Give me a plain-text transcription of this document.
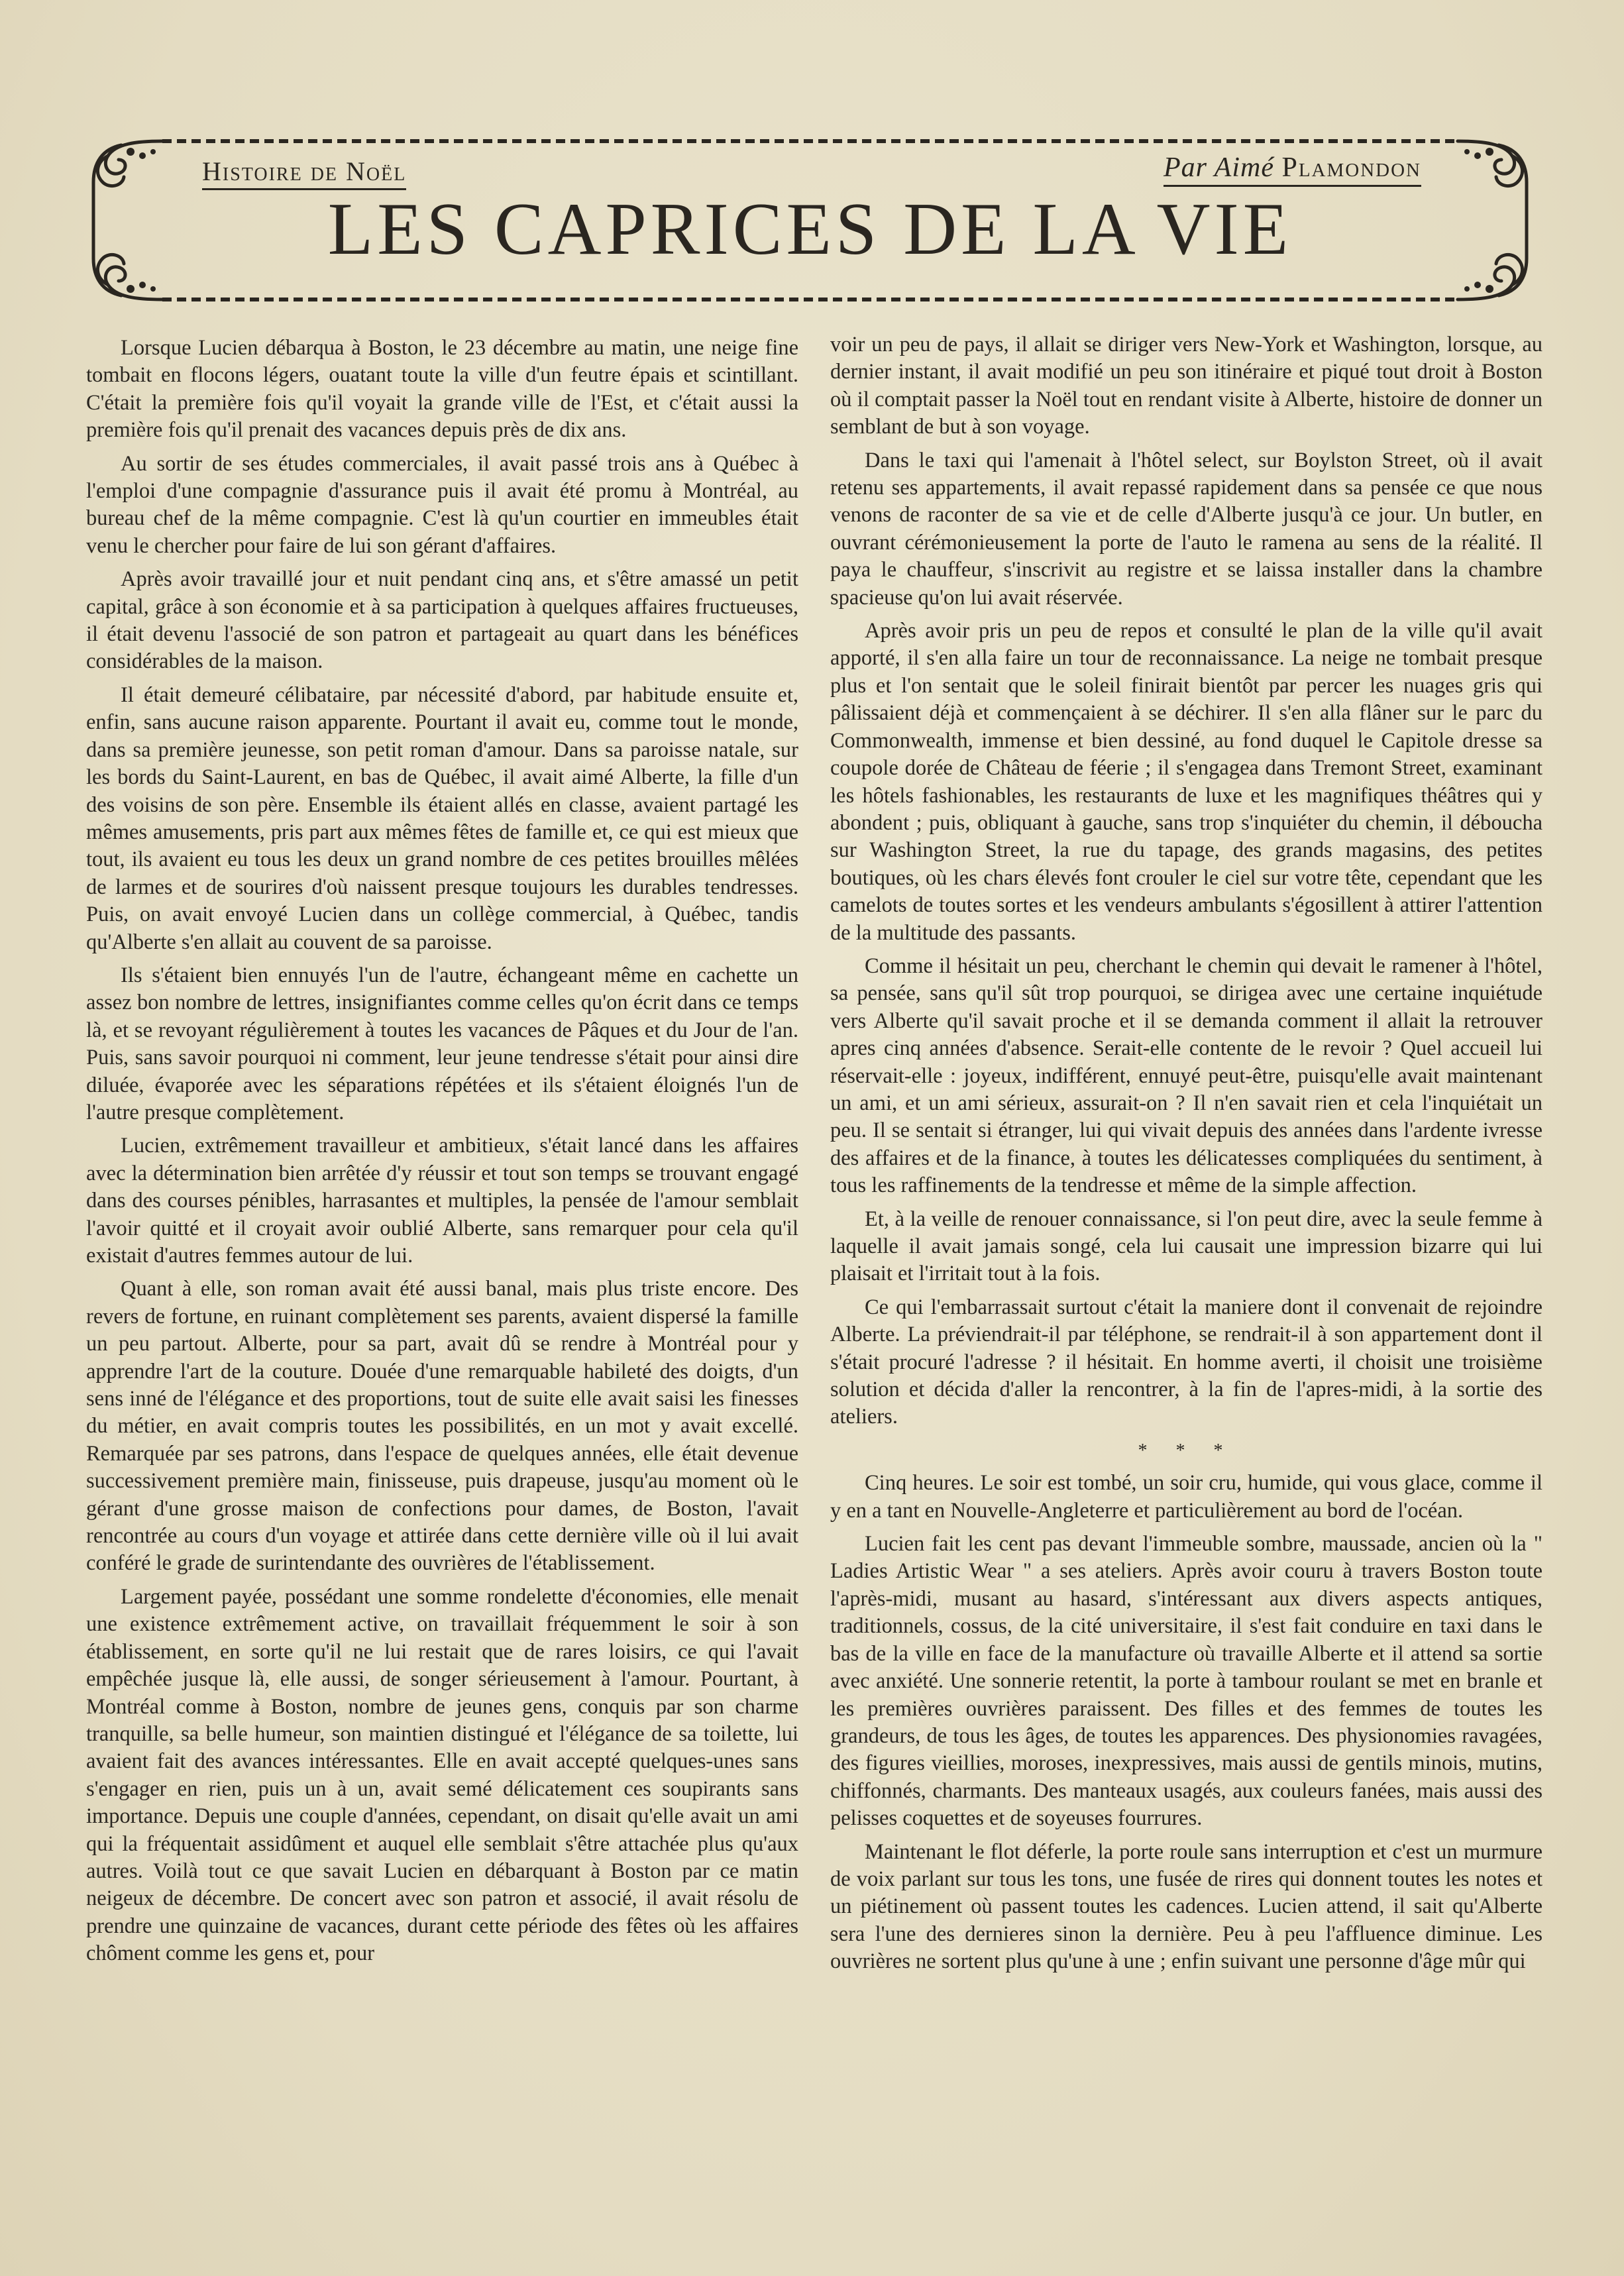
Histoire de Noël	Par Aimé Plamondon
LES CAPRICES DE LA VIE

Lorsque Lucien débarqua à Boston, le 23 décembre au matin, une neige fine tombait en flocons légers, ouatant toute la ville d'un feutre épais et scintillant. C'était la première fois qu'il voyait la grande ville de l'Est, et c'était aussi la première fois qu'il prenait des vacances depuis près de dix ans.

Au sortir de ses études commerciales, il avait passé trois ans à Québec à l'emploi d'une compagnie d'assurance puis il avait été promu à Montréal, au bureau chef de la même compagnie. C'est là qu'un courtier en immeubles était venu le chercher pour faire de lui son gérant d'affaires.

Après avoir travaillé jour et nuit pendant cinq ans, et s'être amassé un petit capital, grâce à son économie et à sa participation à quelques affaires fructueuses, il était devenu l'associé de son patron et partageait au quart dans les bénéfices considérables de la maison.

Il était demeuré célibataire, par nécessité d'abord, par habitude ensuite et, enfin, sans aucune raison apparente. Pourtant il avait eu, comme tout le monde, dans sa première jeunesse, son petit roman d'amour. Dans sa paroisse natale, sur les bords du Saint-Laurent, en bas de Québec, il avait aimé Alberte, la fille d'un des voisins de son père. Ensemble ils étaient allés en classe, avaient partagé les mêmes amusements, pris part aux mêmes fêtes de famille et, ce qui est mieux que tout, ils avaient eu tous les deux un grand nombre de ces petites brouilles mêlées de larmes et de sourires d'où naissent presque toujours les durables tendresses. Puis, on avait envoyé Lucien dans un collège commercial, à Québec, tandis qu'Alberte s'en allait au couvent de sa paroisse.

Ils s'étaient bien ennuyés l'un de l'autre, échangeant même en cachette un assez bon nombre de lettres, insignifiantes comme celles qu'on écrit dans ce temps là, et se revoyant régulièrement à toutes les vacances de Pâques et du Jour de l'an. Puis, sans savoir pourquoi ni comment, leur jeune tendresse s'était pour ainsi dire diluée, évaporée avec les séparations répétées et ils s'étaient éloignés l'un de l'autre presque complètement.

Lucien, extrêmement travailleur et ambitieux, s'était lancé dans les affaires avec la détermination bien arrêtée d'y réussir et tout son temps se trouvant engagé dans des courses pénibles, harrasantes et multiples, la pensée de l'amour semblait l'avoir quitté et il croyait avoir oublié Alberte, sans remarquer pour cela qu'il existait d'autres femmes autour de lui.

Quant à elle, son roman avait été aussi banal, mais plus triste encore. Des revers de fortune, en ruinant complètement ses parents, avaient dispersé la famille un peu partout. Alberte, pour sa part, avait dû se rendre à Montréal pour y apprendre l'art de la couture. Douée d'une remarquable habileté des doigts, d'un sens inné de l'élégance et des proportions, tout de suite elle avait saisi les finesses du métier, en avait compris toutes les possibilités, en un mot y avait excellé. Remarquée par ses patrons, dans l'espace de quelques années, elle était devenue successivement première main, finisseuse, puis drapeuse, jusqu'au moment où le gérant d'une grosse maison de confections pour dames, de Boston, l'avait rencontrée au cours d'un voyage et attirée dans cette dernière ville où il lui avait conféré le grade de surintendante des ouvrières de l'établissement.

Largement payée, possédant une somme rondelette d'économies, elle menait une existence extrêmement active, on travaillait fréquemment le soir à son établissement, en sorte qu'il ne lui restait que de rares loisirs, ce qui l'avait empêchée jusque là, elle aussi, de songer sérieusement à l'amour. Pourtant, à Montréal comme à Boston, nombre de jeunes gens, conquis par son charme tranquille, sa belle humeur, son maintien distingué et l'élégance de sa toilette, lui avaient fait des avances intéressantes. Elle en avait accepté quelques-unes sans s'engager en rien, puis un à un, avait semé délicatement ces soupirants sans importance. Depuis une couple d'années, cependant, on disait qu'elle avait un ami qui la fréquentait assidûment et auquel elle semblait s'être attachée plus qu'aux autres. Voilà tout ce que savait Lucien en débarquant à Boston par ce matin neigeux de décembre. De concert avec son patron et associé, il avait résolu de prendre une quinzaine de vacances, durant cette période des fêtes où les affaires chôment comme les gens et, pour

voir un peu de pays, il allait se diriger vers New-York et Washington, lorsque, au dernier instant, il avait modifié un peu son itinéraire et piqué tout droit à Boston où il comptait passer la Noël tout en rendant visite à Alberte, histoire de donner un semblant de but à son voyage.

Dans le taxi qui l'amenait à l'hôtel select, sur Boylston Street, où il avait retenu ses appartements, il avait repassé rapidement dans sa pensée ce que nous venons de raconter de sa vie et de celle d'Alberte jusqu'à ce jour. Un butler, en ouvrant cérémonieusement la porte de l'auto le ramena au sens de la réalité. Il paya le chauffeur, s'inscrivit au registre et se laissa installer dans la chambre spacieuse qu'on lui avait réservée.

Après avoir pris un peu de repos et consulté le plan de la ville qu'il avait apporté, il s'en alla faire un tour de reconnaissance. La neige ne tombait presque plus et l'on sentait que le soleil finirait bientôt par percer les nuages gris qui pâlissaient déjà et commençaient à se déchirer. Il s'en alla flâner sur le parc du Commonwealth, immense et bien dessiné, au fond duquel le Capitole dresse sa coupole dorée de Château de féerie ; il s'engagea dans Tremont Street, examinant les hôtels fashionables, les restaurants de luxe et les magnifiques théâtres qui y abondent ; puis, obliquant à gauche, sans trop s'inquiéter du chemin, il déboucha sur Washington Street, la rue du tapage, des grands magasins, des petites boutiques, où les chars élevés font crouler le ciel sur votre tête, cependant que les camelots de toutes sortes et les vendeurs ambulants s'égosillent à attirer l'attention de la multitude des passants.

Comme il hésitait un peu, cherchant le chemin qui devait le ramener à l'hôtel, sa pensée, sans qu'il sût trop pourquoi, se dirigea avec une certaine inquiétude vers Alberte qu'il savait proche et il se demanda comment il allait la retrouver apres cinq années d'absence. Serait-elle contente de le revoir ? Quel accueil lui réservait-elle : joyeux, indifférent, ennuyé peut-être, puisqu'elle avait maintenant un ami, et un ami sérieux, assurait-on ? Il n'en savait rien et cela l'inquiétait un peu. Il se sentait si étranger, lui qui vivait depuis des années dans l'ardente ivresse des affaires et de la finance, à toutes les délicatesses compliquées du sentiment, à tous les raffinements de la tendresse et même de la simple affection.

Et, à la veille de renouer connaissance, si l'on peut dire, avec la seule femme à laquelle il avait jamais songé, cela lui causait une impression bizarre qui lui plaisait et l'irritait tout à la fois.

Ce qui l'embarrassait surtout c'était la maniere dont il convenait de rejoindre Alberte. La préviendrait-il par téléphone, se rendrait-il à son appartement dont il s'était procuré l'adresse ? il hésitait. En homme averti, il choisit une troisième solution et décida d'aller la rencontrer, à la fin de l'apres-midi, à la sortie des ateliers.

* * *

Cinq heures. Le soir est tombé, un soir cru, humide, qui vous glace, comme il y en a tant en Nouvelle-Angleterre et particulièrement au bord de l'océan.

Lucien fait les cent pas devant l'immeuble sombre, maussade, ancien où la " Ladies Artistic Wear " a ses ateliers. Après avoir couru à travers Boston toute l'après-midi, musant au hasard, s'intéressant aux divers aspects antiques, traditionnels, cossus, de la cité universitaire, il s'est fait conduire en taxi dans le bas de la ville en face de la manufacture où travaille Alberte et il attend sa sortie avec anxiété. Une sonnerie retentit, la porte à tambour roulant se met en branle et les premières ouvrières paraissent. Des filles et des femmes de toutes les grandeurs, de tous les âges, de toutes les apparences. Des physionomies ravagées, des figures vieillies, moroses, inexpressives, mais aussi de gentils minois, mutins, chiffonnés, charmants. Des manteaux usagés, aux couleurs fanées, mais aussi des pelisses coquettes et de soyeuses fourrures.

Maintenant le flot déferle, la porte roule sans interruption et c'est un murmure de voix parlant sur tous les tons, une fusée de rires qui donnent toutes les notes et un piétinement où passent toutes les cadences. Lucien attend, il sait qu'Alberte sera l'une des dernieres sinon la dernière. Peu à peu l'affluence diminue. Les ouvrières ne sortent plus qu'une à une ; enfin suivant une personne d'âge mûr qui
